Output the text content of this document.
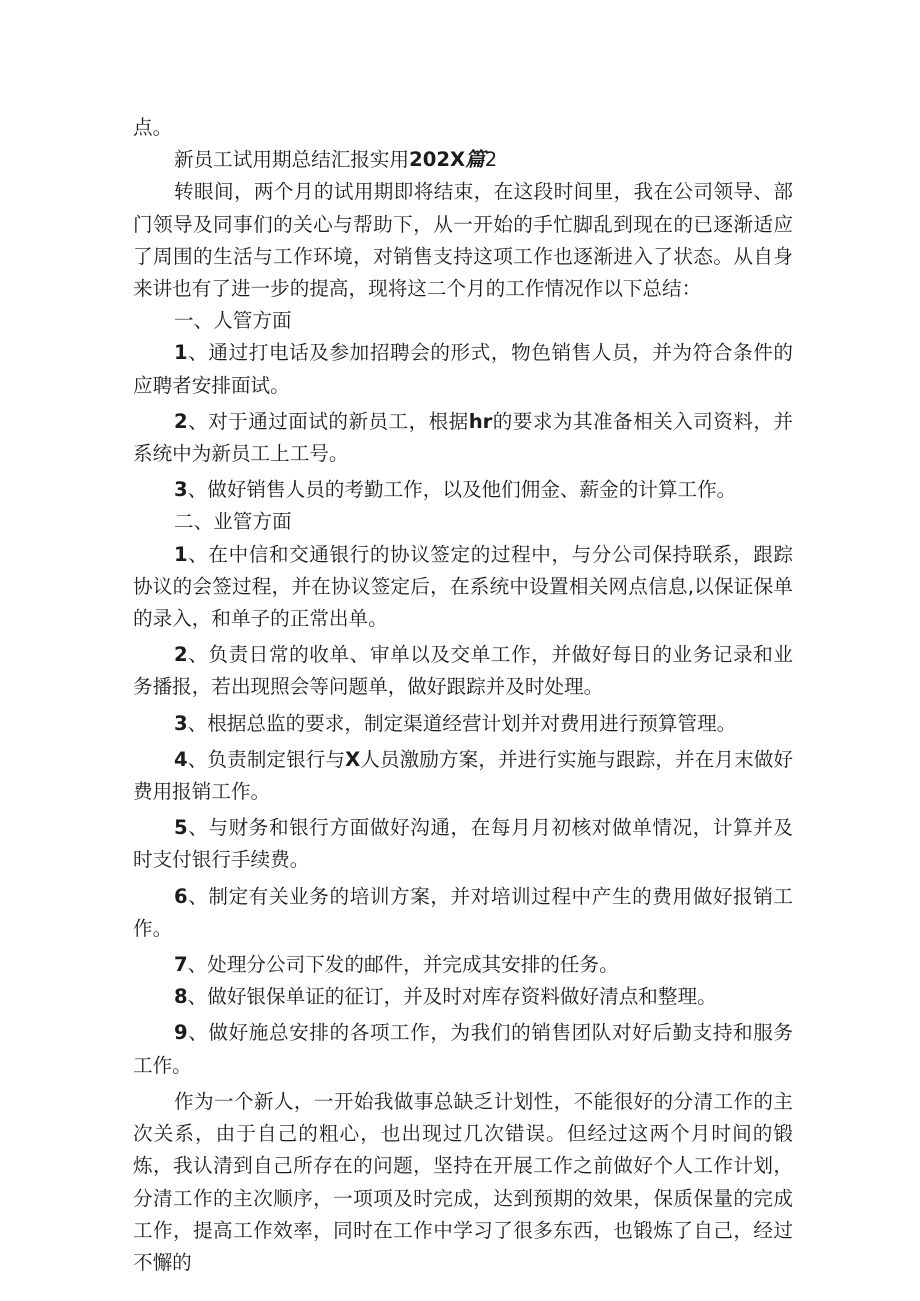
点。

新员工试用期总结汇报实用202X篇2

转眼间，两个月的试用期即将结束，在这段时间里，我在公司领导、部门领导及同事们的关心与帮助下，从一开始的手忙脚乱到现在的已逐渐适应了周围的生活与工作环境，对销售支持这项工作也逐渐进入了状态。从自身来讲也有了进一步的提高，现将这二个月的工作情况作以下总结：

一、人管方面

1、通过打电话及参加招聘会的形式，物色销售人员，并为符合条件的应聘者安排面试。

2、对于通过面试的新员工，根据hr的要求为其准备相关入司资料，并系统中为新员工上工号。

3、做好销售人员的考勤工作，以及他们佣金、薪金的计算工作。

二、业管方面

1、在中信和交通银行的协议签定的过程中，与分公司保持联系，跟踪协议的会签过程，并在协议签定后，在系统中设置相关网点信息,以保证保单的录入，和单子的正常出单。

2、负责日常的收单、审单以及交单工作，并做好每日的业务记录和业务播报，若出现照会等问题单，做好跟踪并及时处理。

3、根据总监的要求，制定渠道经营计划并对费用进行预算管理。

4、负责制定银行与X人员激励方案，并进行实施与跟踪，并在月末做好费用报销工作。

5、与财务和银行方面做好沟通，在每月月初核对做单情况，计算并及时支付银行手续费。

6、制定有关业务的培训方案，并对培训过程中产生的费用做好报销工作。

7、处理分公司下发的邮件，并完成其安排的任务。

8、做好银保单证的征订，并及时对库存资料做好清点和整理。

9、做好施总安排的各项工作，为我们的销售团队对好后勤支持和服务工作。

作为一个新人，一开始我做事总缺乏计划性，不能很好的分清工作的主次关系，由于自己的粗心，也出现过几次错误。但经过这两个月时间的锻炼，我认清到自己所存在的问题，坚持在开展工作之前做好个人工作计划，分清工作的主次顺序，一项项及时完成，达到预期的效果，保质保量的完成工作，提高工作效率，同时在工作中学习了很多东西，也锻炼了自己，经过不懈的
